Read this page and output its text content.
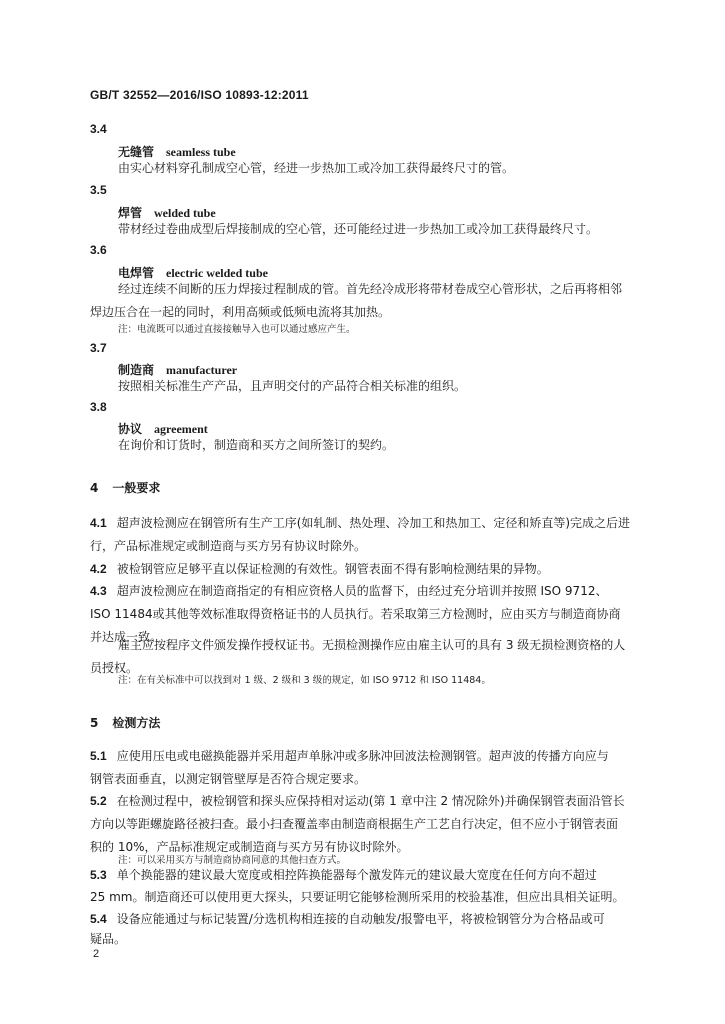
GB/T 32552—2016/ISO 10893-12:2011
3.4
无缝管 seamless tube
由实心材料穿孔制成空心管，经进一步热加工或冷加工获得最终尺寸的管。
3.5
焊管 welded tube
带材经过卷曲成型后焊接制成的空心管，还可能经过进一步热加工或冷加工获得最终尺寸。
3.6
电焊管 electric welded tube
经过连续不间断的压力焊接过程制成的管。首先经冷成形将带材卷成空心管形状，之后再将相邻
焊边压合在一起的同时，利用高频或低频电流将其加热。
注：电流既可以通过直接接触导入也可以通过感应产生。
3.7
制造商 manufacturer
按照相关标准生产产品，且声明交付的产品符合相关标准的组织。
3.8
协议 agreement
在询价和订货时，制造商和买方之间所签订的契约。
4 一般要求
4.1 超声波检测应在钢管所有生产工序(如轧制、热处理、冷加工和热加工、定径和矫直等)完成之后进
行，产品标准规定或制造商与买方另有协议时除外。
4.2 被检钢管应足够平直以保证检测的有效性。钢管表面不得有影响检测结果的异物。
4.3 超声波检测应在制造商指定的有相应资格人员的监督下，由经过充分培训并按照 ISO 9712、
ISO 11484或其他等效标准取得资格证书的人员执行。若采取第三方检测时，应由买方与制造商协商
并达成一致。
雇主应按程序文件颁发操作授权证书。无损检测操作应由雇主认可的具有 3 级无损检测资格的人
员授权。
注：在有关标准中可以找到对 1 级、2 级和 3 级的规定，如 ISO 9712 和 ISO 11484。
5 检测方法
5.1 应使用压电或电磁换能器并采用超声单脉冲或多脉冲回波法检测钢管。超声波的传播方向应与
钢管表面垂直，以测定钢管壁厚是否符合规定要求。
5.2 在检测过程中，被检钢管和探头应保持相对运动(第 1 章中注 2 情况除外)并确保钢管表面沿管长
方向以等距螺旋路径被扫查。最小扫查覆盖率由制造商根据生产工艺自行决定，但不应小于钢管表面
积的 10%，产品标准规定或制造商与买方另有协议时除外。
注：可以采用买方与制造商协商同意的其他扫查方式。
5.3 单个换能器的建议最大宽度或相控阵换能器每个激发阵元的建议最大宽度在任何方向不超过
25 mm。制造商还可以使用更大探头，只要证明它能够检测所采用的校验基准，但应出具相关证明。
5.4 设备应能通过与标记装置/分选机构相连接的自动触发/报警电平，将被检钢管分为合格品或可
疑品。
2
